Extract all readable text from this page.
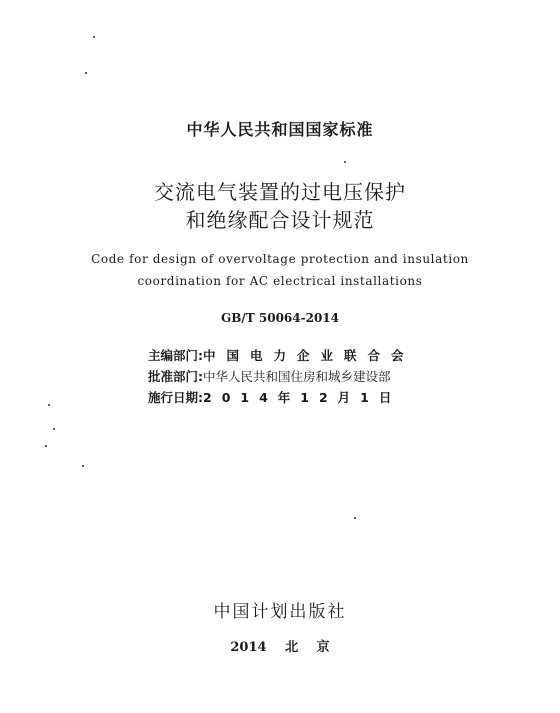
中华人民共和国国家标准
交流电气装置的过电压保护
和绝缘配合设计规范
Code for design of overvoltage protection and insulation
coordination for AC electrical installations
GB/T 50064-2014
主编部门:中国电力企业联合会
批准部门:中华人民共和国住房和城乡建设部
施行日期:2014年12月1日
中国计划出版社
2014 北 京
